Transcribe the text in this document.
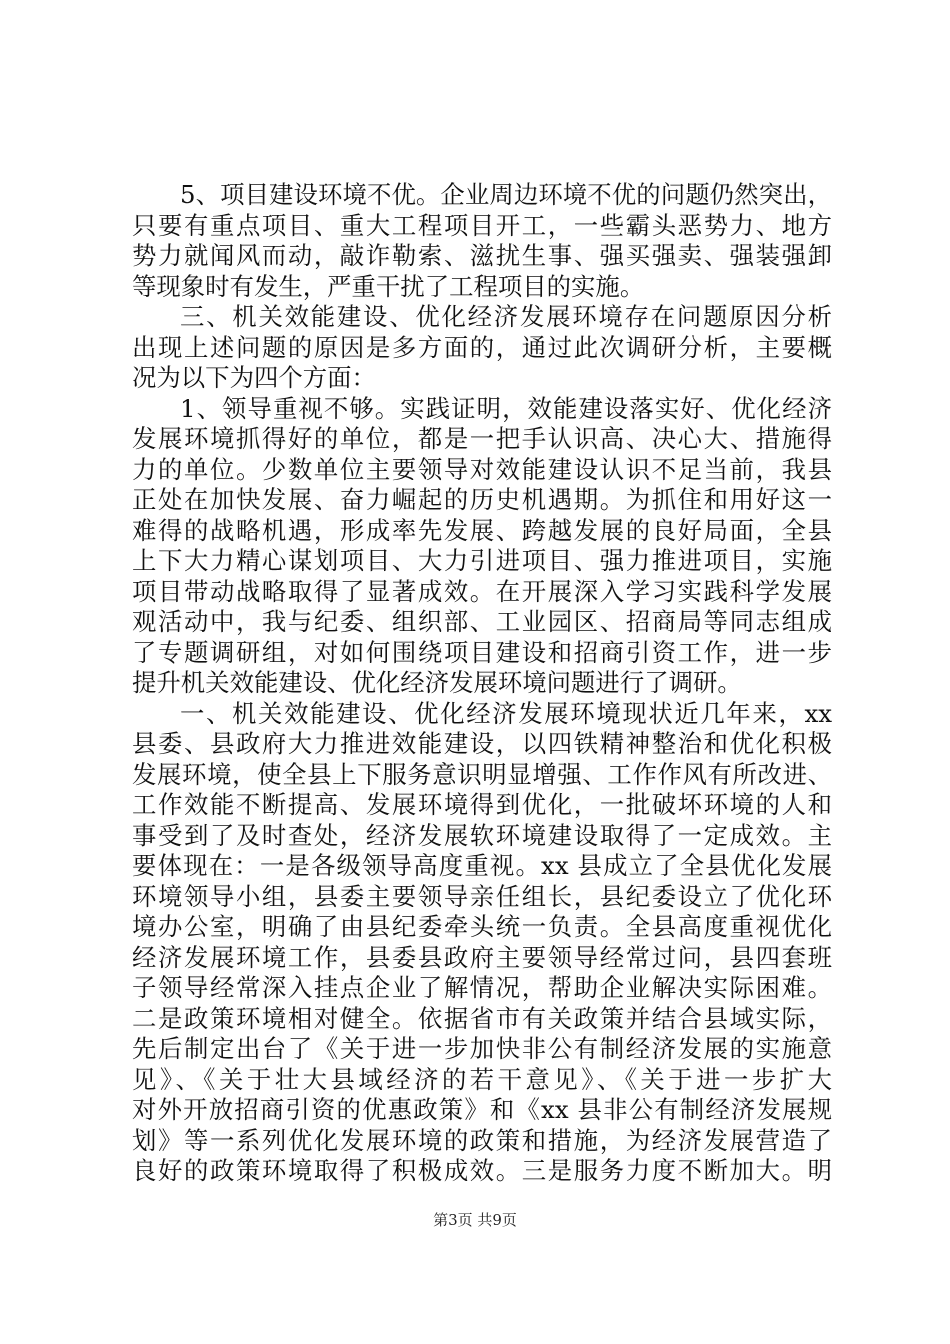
5、项目建设环境不优。企业周边环境不优的问题仍然突出，
只要有重点项目、重大工程项目开工，一些霸头恶势力、地方
势力就闻风而动，敲诈勒索、滋扰生事、强买强卖、强装强卸
等现象时有发生，严重干扰了工程项目的实施。
三、机关效能建设、优化经济发展环境存在问题原因分析
出现上述问题的原因是多方面的，通过此次调研分析，主要概
况为以下为四个方面：
1、领导重视不够。实践证明，效能建设落实好、优化经济
发展环境抓得好的单位，都是一把手认识高、决心大、措施得
力的单位。少数单位主要领导对效能建设认识不足当前，我县
正处在加快发展、奋力崛起的历史机遇期。为抓住和用好这一
难得的战略机遇，形成率先发展、跨越发展的良好局面，全县
上下大力精心谋划项目、大力引进项目、强力推进项目，实施
项目带动战略取得了显著成效。在开展深入学习实践科学发展
观活动中，我与纪委、组织部、工业园区、招商局等同志组成
了专题调研组，对如何围绕项目建设和招商引资工作，进一步
提升机关效能建设、优化经济发展环境问题进行了调研。
一、机关效能建设、优化经济发展环境现状近几年来，xx
县委、县政府大力推进效能建设，以四铁精神整治和优化积极
发展环境，使全县上下服务意识明显增强、工作作风有所改进、
工作效能不断提高、发展环境得到优化，一批破坏环境的人和
事受到了及时查处，经济发展软环境建设取得了一定成效。主
要体现在：一是各级领导高度重视。xx 县成立了全县优化发展
环境领导小组，县委主要领导亲任组长，县纪委设立了优化环
境办公室，明确了由县纪委牵头统一负责。全县高度重视优化
经济发展环境工作，县委县政府主要领导经常过问，县四套班
子领导经常深入挂点企业了解情况，帮助企业解决实际困难。
二是政策环境相对健全。依据省市有关政策并结合县域实际，
先后制定出台了《关于进一步加快非公有制经济发展的实施意
见》、《关于壮大县域经济的若干意见》、《关于进一步扩大
对外开放招商引资的优惠政策》和《xx 县非公有制经济发展规
划》等一系列优化发展环境的政策和措施，为经济发展营造了
良好的政策环境取得了积极成效。三是服务力度不断加大。明
第3页 共9页
